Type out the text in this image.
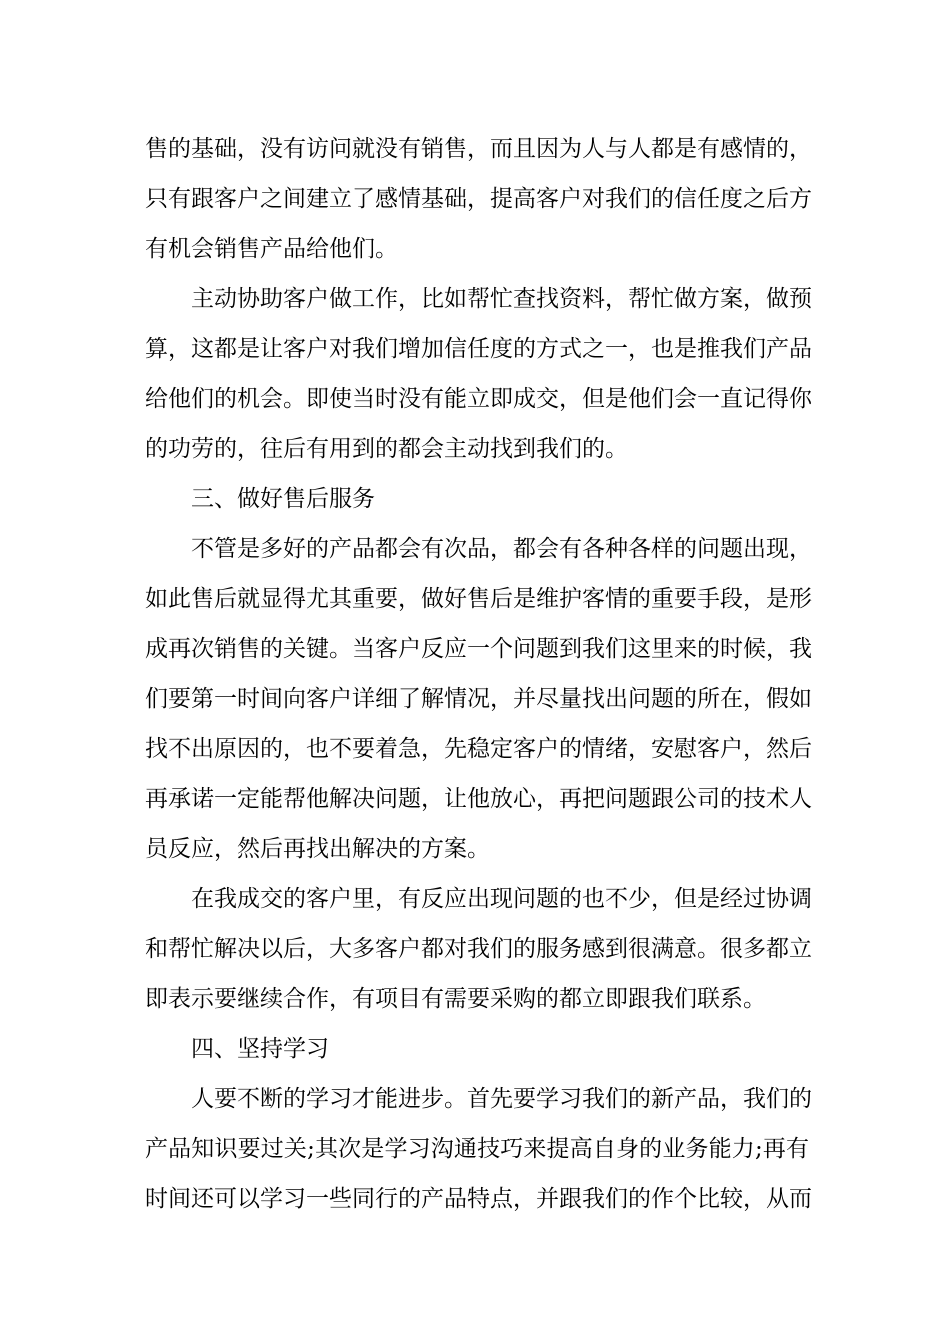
售的基础，没有访问就没有销售，而且因为人与人都是有感情的，
只有跟客户之间建立了感情基础，提高客户对我们的信任度之后方
有机会销售产品给他们。
主动协助客户做工作，比如帮忙查找资料，帮忙做方案，做预
算，这都是让客户对我们增加信任度的方式之一，也是推我们产品
给他们的机会。即使当时没有能立即成交，但是他们会一直记得你
的功劳的，往后有用到的都会主动找到我们的。
三、做好售后服务
不管是多好的产品都会有次品，都会有各种各样的问题出现，
如此售后就显得尤其重要，做好售后是维护客情的重要手段，是形
成再次销售的关键。当客户反应一个问题到我们这里来的时候，我
们要第一时间向客户详细了解情况，并尽量找出问题的所在，假如
找不出原因的，也不要着急，先稳定客户的情绪，安慰客户，然后
再承诺一定能帮他解决问题，让他放心，再把问题跟公司的技术人
员反应，然后再找出解决的方案。
在我成交的客户里，有反应出现问题的也不少，但是经过协调
和帮忙解决以后，大多客户都对我们的服务感到很满意。很多都立
即表示要继续合作，有项目有需要采购的都立即跟我们联系。
四、坚持学习
人要不断的学习才能进步。首先要学习我们的新产品，我们的
产品知识要过关;其次是学习沟通技巧来提高自身的业务能力;再有
时间还可以学习一些同行的产品特点，并跟我们的作个比较，从而
